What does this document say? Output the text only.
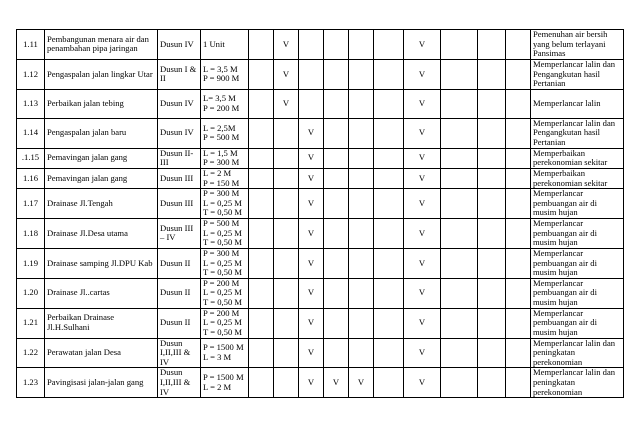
1.11	Pembangunan menara air dan penambahan pipa jaringan	Dusun IV	1 Unit		V					V				Pemenuhan air bersih yang belum terlayani Pansimas
1.12	Pengaspalan jalan lingkar Utar	Dusun I & II	L = 3,5 M
P = 900 M		V					V				Memperlancar lalin dan Pengangkutan hasil Pertanian
1.13	Perbaikan jalan tebing	Dusun IV	L= 3,5 M
P = 200 M		V					V				Memperlancar lalin
1.14	Pengaspalan jalan baru	Dusun IV	L = 2,5M
P = 500 M			V				V				Memperlancar lalin dan Pengangkutan hasil Pertanian
.1.15	Pemavingan jalan gang	Dusun II-III	L = 1,5 M
P = 300 M			V				V				Memperbaikan perekonomian sekitar
1.16	Pemavingan jalan gang	Dusun III	L = 2 M
P = 150 M			V				V				Memperbaikan perekonomian sekitar
1.17	Drainase Jl.Tengah	Dusun III	P = 300 M
L = 0,25 M
T = 0,50 M			V				V				Memperlancar pembuangan air di musim hujan
1.18	Drainase Jl.Desa utama	Dusun III – IV	P = 500 M
L = 0,25 M
T = 0,50 M			V				V				Memperlancar pembuangan air di musim hujan
1.19	Drainase samping Jl.DPU Kab	Dusun II	P = 300 M
L = 0,25 M
T = 0,50 M			V				V				Memperlancar pembuangan air di musim hujan
1.20	Drainase Jl..cartas	Dusun II	P = 200 M
L = 0,25 M
T = 0,50 M			V				V				Memperlancar pembuangan air di musim hujan
1.21	Perbaikan Drainase Jl.H.Sulhani	Dusun II	P = 200 M
L = 0,25 M
T = 0,50 M			V				V				Memperlancar pembuangan air di musim hujan
1.22	Perawatan jalan Desa	Dusun I,II,III & IV	P = 1500 M
L = 3 M			V				V				Memperlancar lalin dan peningkatan perekonomian
1.23	Pavingisasi jalan-jalan gang	Dusun I,II,III & IV	P = 1500 M
L = 2 M			V	V	V		V				Memperlancar lalin dan peningkatan perekonomian
